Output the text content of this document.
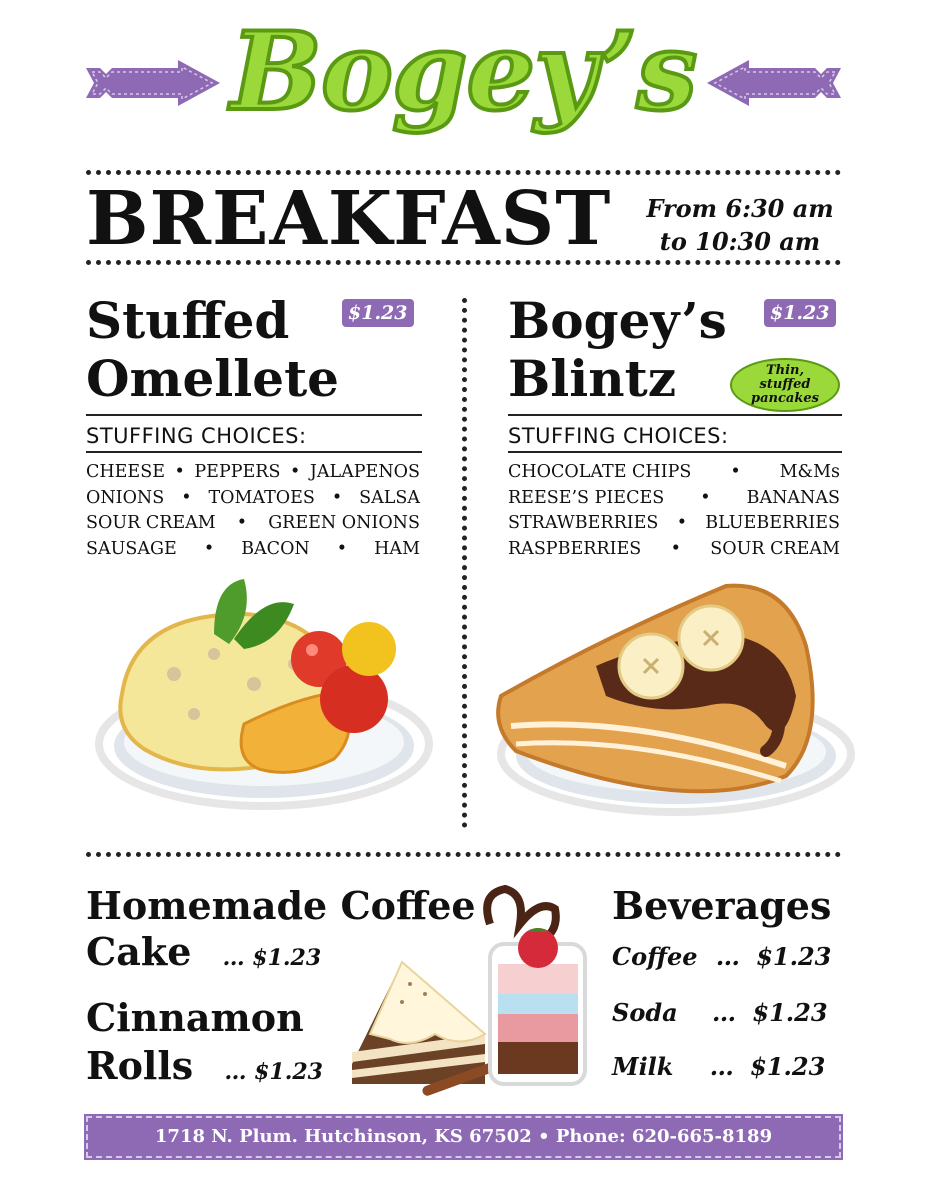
Bogey’s
BREAKFAST	From 6:30 am
to 10:30 am
Stuffed
Omellete
$1.23
STUFFING CHOICES:
CHEESE • PEPPERS • JALAPENOS
ONIONS • TOMATOES • SALSA
SOUR CREAM • GREEN ONIONS
SAUSAGE • BACON • HAM
Bogey’s
Blintz
$1.23
Thin,
stuffed
pancakes
STUFFING CHOICES:
CHOCOLATE CHIPS • M&Ms
REESE’S PIECES • BANANAS
STRAWBERRIES • BLUEBERRIES
RASPBERRIES • SOUR CREAM
Homemade Coffee
Cake … $1.23
Cinnamon
Rolls … $1.23
Beverages
Coffee … $1.23
Soda … $1.23
Milk … $1.23
1718 N. Plum. Hutchinson, KS 67502 • Phone: 620-665-8189
